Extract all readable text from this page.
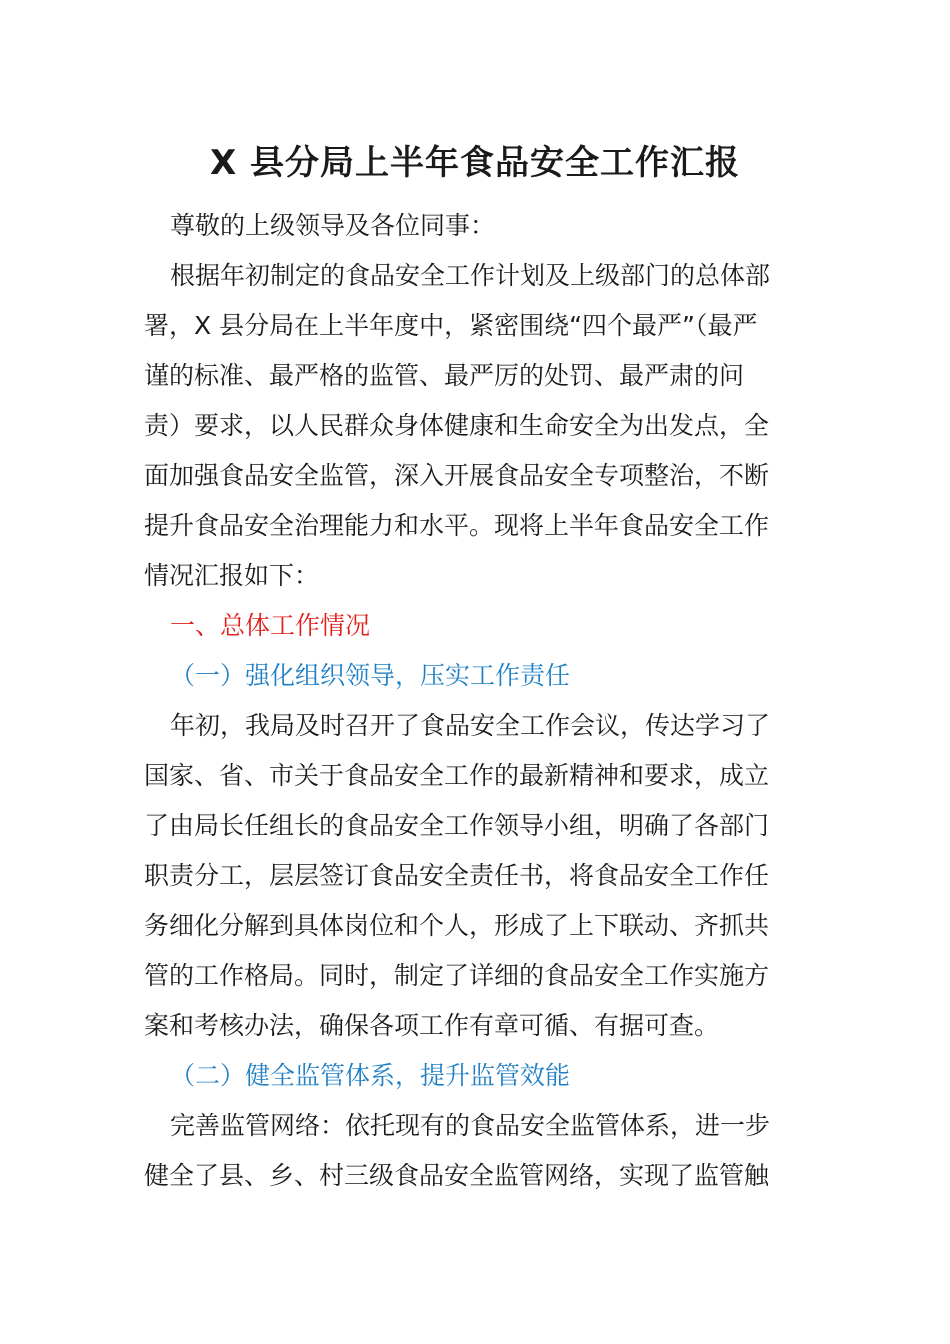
X 县分局上半年食品安全工作汇报
尊敬的上级领导及各位同事：
根据年初制定的食品安全工作计划及上级部门的总体部
署，X 县分局在上半年度中，紧密围绕“四个最严”（最严
谨的标准、最严格的监管、最严厉的处罚、最严肃的问
责）要求，以人民群众身体健康和生命安全为出发点，全
面加强食品安全监管，深入开展食品安全专项整治，不断
提升食品安全治理能力和水平。现将上半年食品安全工作
情况汇报如下：
一、总体工作情况
（一）强化组织领导，压实工作责任
年初，我局及时召开了食品安全工作会议，传达学习了
国家、省、市关于食品安全工作的最新精神和要求，成立
了由局长任组长的食品安全工作领导小组，明确了各部门
职责分工，层层签订食品安全责任书，将食品安全工作任
务细化分解到具体岗位和个人，形成了上下联动、齐抓共
管的工作格局。同时，制定了详细的食品安全工作实施方
案和考核办法，确保各项工作有章可循、有据可查。
（二）健全监管体系，提升监管效能
完善监管网络：依托现有的食品安全监管体系，进一步
健全了县、乡、村三级食品安全监管网络，实现了监管触
